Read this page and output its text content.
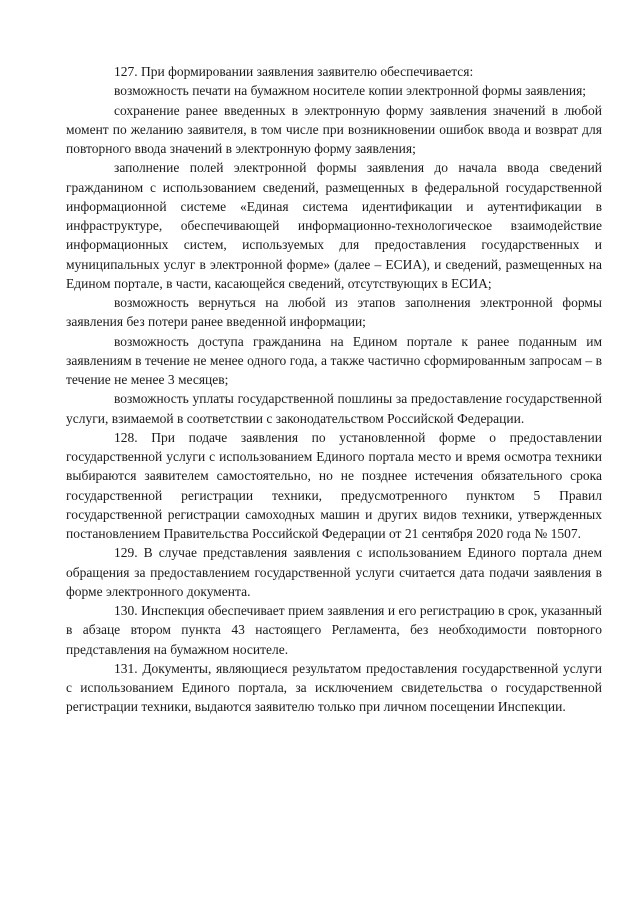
127. При формировании заявления заявителю обеспечивается:

возможность печати на бумажном носителе копии электронной формы заявления;

сохранение ранее введенных в электронную форму заявления значений в любой момент по желанию заявителя, в том числе при возникновении ошибок ввода и возврат для повторного ввода значений в электронную форму заявления;

заполнение полей электронной формы заявления до начала ввода сведений гражданином с использованием сведений, размещенных в федеральной государственной информационной системе «Единая система идентификации и аутентификации в инфраструктуре, обеспечивающей информационно-технологическое взаимодействие информационных систем, используемых для предоставления государственных и муниципальных услуг в электронной форме» (далее – ЕСИА), и сведений, размещенных на Едином портале, в части, касающейся сведений, отсутствующих в ЕСИА;

возможность вернуться на любой из этапов заполнения электронной формы заявления без потери ранее введенной информации;

возможность доступа гражданина на Едином портале к ранее поданным им заявлениям в течение не менее одного года, а также частично сформированным запросам – в течение не менее 3 месяцев;

возможность уплаты государственной пошлины за предоставление государственной услуги, взимаемой в соответствии с законодательством Российской Федерации.

128. При подаче заявления по установленной форме о предоставлении государственной услуги с использованием Единого портала место и время осмотра техники выбираются заявителем самостоятельно, но не позднее истечения обязательного срока государственной регистрации техники, предусмотренного пунктом 5 Правил государственной регистрации самоходных машин и других видов техники, утвержденных постановлением Правительства Российской Федерации от 21 сентября 2020 года № 1507.

129. В случае представления заявления с использованием Единого портала днем обращения за предоставлением государственной услуги считается дата подачи заявления в форме электронного документа.

130. Инспекция обеспечивает прием заявления и его регистрацию в срок, указанный в абзаце втором пункта 43 настоящего Регламента, без необходимости повторного представления на бумажном носителе.

131. Документы, являющиеся результатом предоставления государственной услуги с использованием Единого портала, за исключением свидетельства о государственной регистрации техники, выдаются заявителю только при личном посещении Инспекции.
